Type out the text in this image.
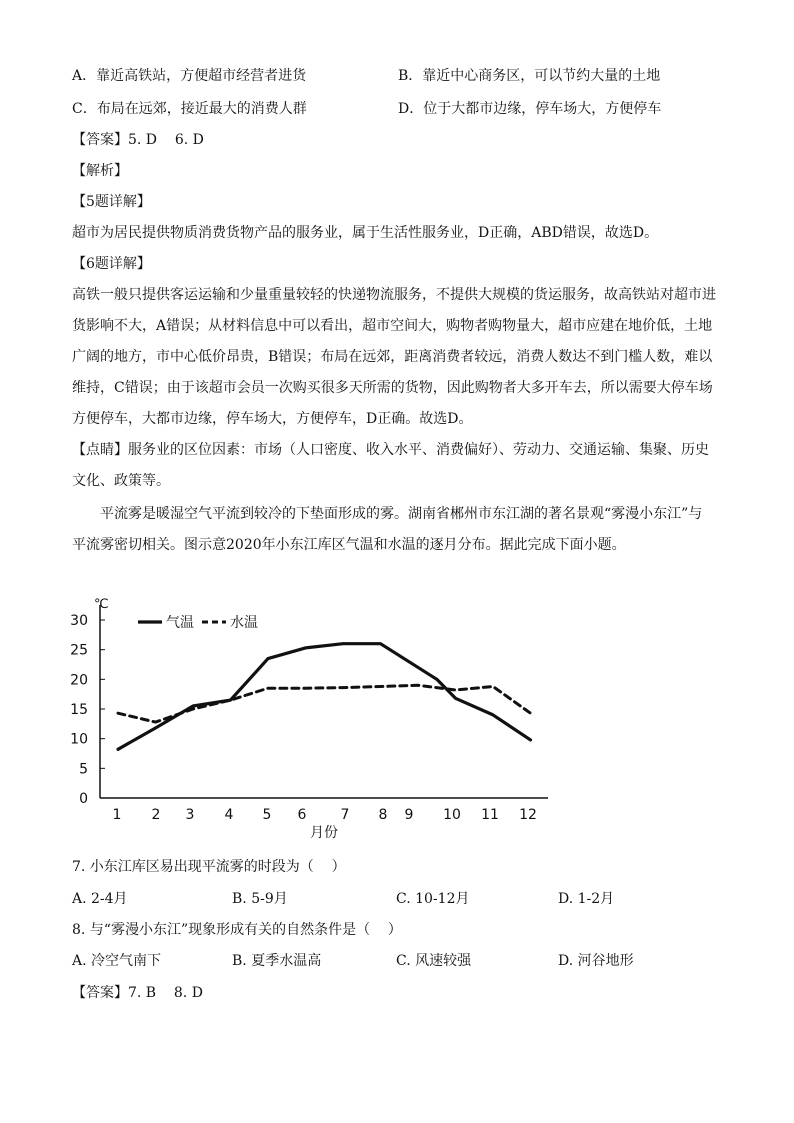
A．靠近高铁站，方便超市经营者进货	B．靠近中心商务区，可以节约大量的土地
C．布局在远郊，接近最大的消费人群	D．位于大都市边缘，停车场大，方便停车
【答案】5. D    6. D
【解析】
【5题详解】
超市为居民提供物质消费货物产品的服务业，属于生活性服务业，D正确，ABD错误，故选D。
【6题详解】
高铁一般只提供客运运输和少量重量较轻的快递物流服务，不提供大规模的货运服务，故高铁站对超市进
货影响不大，A错误；从材料信息中可以看出，超市空间大，购物者购物量大，超市应建在地价低，土地
广阔的地方，市中心低价昂贵，B错误；布局在远郊，距离消费者较远，消费人数达不到门槛人数，难以
维持，C错误；由于该超市会员一次购买很多天所需的货物，因此购物者大多开车去，所以需要大停车场
方便停车，大都市边缘，停车场大，方便停车，D正确。故选D。
【点睛】服务业的区位因素：市场（人口密度、收入水平、消费偏好）、劳动力、交通运输、集聚、历史
文化、政策等。
平流雾是暖湿空气平流到较冷的下垫面形成的雾。湖南省郴州市东江湖的著名景观“雾漫小东江”与
平流雾密切相关。图示意2020年小东江库区气温和水温的逐月分布。据此完成下面小题。
℃
0
5
10
15
20
25
30
1 2 3 4 5 6 7 8 9 10 11 12
月份
气温	水温
7. 小东江库区易出现平流雾的时段为（    ）
A. 2-4月	B. 5-9月	C. 10-12月	D. 1-2月
8. 与“雾漫小东江”现象形成有关的自然条件是（    ）
A. 冷空气南下	B. 夏季水温高	C. 风速较强	D. 河谷地形
【答案】7. B    8. D
